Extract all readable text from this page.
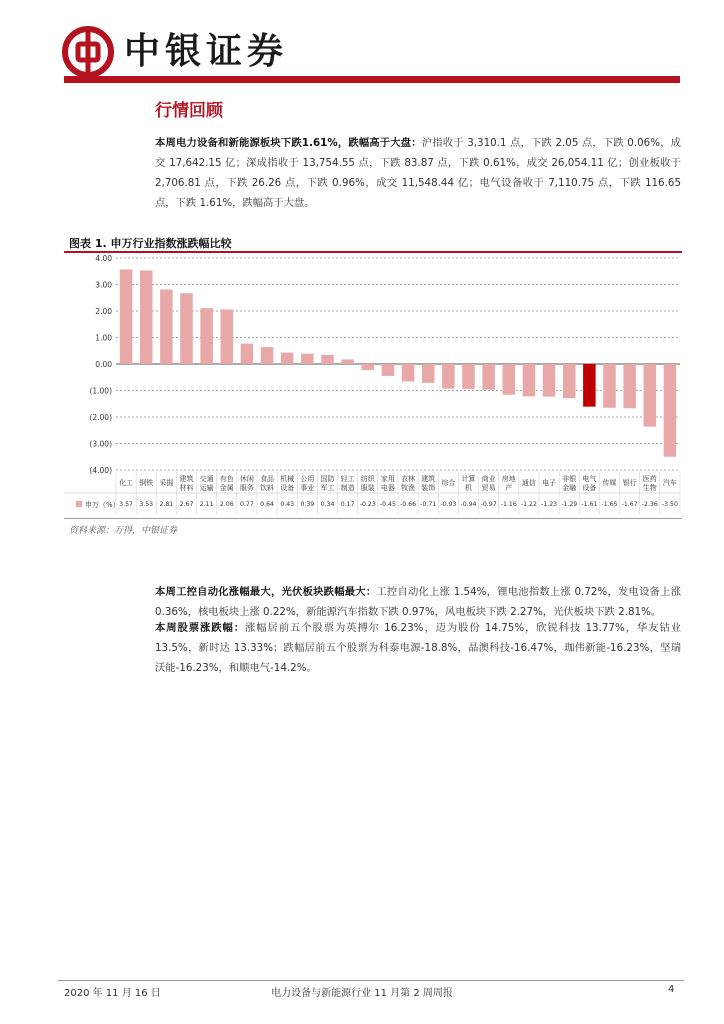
中银证券
行情回顾
本周电力设备和新能源板块下跌1.61%，跌幅高于大盘：沪指收于 3,310.1 点，下跌 2.05 点，下跌 0.06%，成交 17,642.15 亿；深成指收于 13,754.55 点，下跌 83.87 点，下跌 0.61%，成交 26,054.11 亿；创业板收于 2,706.81 点，下跌 26.26 点，下跌 0.96%，成交 11,548.44 亿；电气设备收于 7,110.75 点，下跌 116.65 点，下跌 1.61%，跌幅高于大盘。
图表 1. 申万行业指数涨跌幅比较
4.00
3.00
2.00
1.00
0.00
(1.00)
(2.00)
(3.00)
(4.00)
化工
3.57
钢铁
3.53
采掘
2.81
建筑
材料
2.67
交通
运输
2.11
有色
金属
2.06
休闲
服务
0.77
食品
饮料
0.64
机械
设备
0.43
公用
事业
0.39
国防
军工
0.34
轻工
制造
0.17
纺织
服装
-0.23
家用
电器
-0.45
农林
牧渔
-0.66
建筑
装饰
-0.71
综合
-0.93
计算
机
-0.94
商业
贸易
-0.97
房地
产
-1.16
通信
-1.22
电子
-1.23
非银
金融
-1.29
电气
设备
-1.61
传媒
-1.65
银行
-1.67
医药
生物
-2.36
汽车
-3.50
申万（%）
资料来源：万得，中银证券
本周工控自动化涨幅最大，光伏板块跌幅最大：工控自动化上涨 1.54%，锂电池指数上涨 0.72%，发电设备上涨 0.36%，核电板块上涨 0.22%，新能源汽车指数下跌 0.97%，风电板块下跌 2.27%，光伏板块下跌 2.81%。
本周股票涨跌幅：涨幅居前五个股票为英搏尔 16.23%，迈为股份 14.75%，欣锐科技 13.77%，华友钴业 13.5%，新时达 13.33%；跌幅居前五个股票为科泰电源-18.8%，晶澳科技-16.47%，珈伟新能-16.23%，坚瑞沃能-16.23%，和顺电气-14.2%。
2020 年 11 月 16 日	电力设备与新能源行业 11 月第 2 周周报	4
